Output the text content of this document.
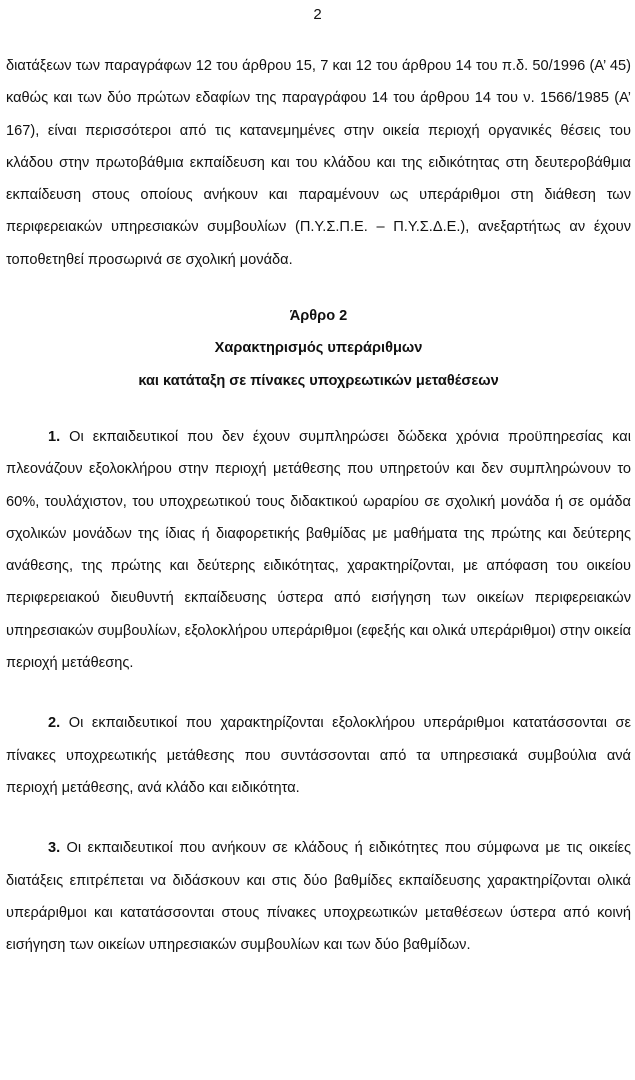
2

διατάξεων των παραγράφων 12 του άρθρου 15, 7 και 12 του άρθρου 14 του π.δ. 50/1996 (Α’ 45) καθώς και των δύο πρώτων εδαφίων της παραγράφου 14 του άρθρου 14 του ν. 1566/1985 (Α’ 167), είναι περισσότεροι από τις κατανεμημένες στην οικεία περιοχή οργανικές θέσεις του κλάδου στην πρωτοβάθμια εκπαίδευση και του κλάδου και της ειδικότητας στη δευτεροβάθμια εκπαίδευση στους οποίους ανήκουν και παραμένουν ως υπεράριθμοι στη διάθεση των περιφερειακών υπηρεσιακών συμβουλίων (Π.Υ.Σ.Π.Ε. – Π.Υ.Σ.Δ.Ε.), ανεξαρτήτως αν έχουν τοποθετηθεί προσωρινά σε σχολική μονάδα.

Άρθρο 2
Χαρακτηρισμός υπεράριθμων
και κατάταξη σε πίνακες υποχρεωτικών μεταθέσεων

1. Οι εκπαιδευτικοί που δεν έχουν συμπληρώσει δώδεκα χρόνια προϋπηρεσίας και πλεονάζουν εξολοκλήρου στην περιοχή μετάθεσης που υπηρετούν και δεν συμπληρώνουν το 60%, τουλάχιστον, του υποχρεωτικού τους διδακτικού ωραρίου σε σχολική μονάδα ή σε ομάδα σχολικών μονάδων της ίδιας ή διαφορετικής βαθμίδας με μαθήματα της πρώτης και δεύτερης ανάθεσης, της πρώτης και δεύτερης ειδικότητας, χαρακτηρίζονται, με απόφαση του οικείου περιφερειακού διευθυντή εκπαίδευσης ύστερα από εισήγηση των οικείων περιφερειακών υπηρεσιακών συμβουλίων, εξολοκλήρου υπεράριθμοι (εφεξής και ολικά υπεράριθμοι) στην οικεία περιοχή μετάθεσης.

2. Οι εκπαιδευτικοί που χαρακτηρίζονται εξολοκλήρου υπεράριθμοι κατατάσσονται σε πίνακες υποχρεωτικής μετάθεσης που συντάσσονται από τα υπηρεσιακά συμβούλια ανά περιοχή μετάθεσης, ανά κλάδο και ειδικότητα.

3. Οι εκπαιδευτικοί που ανήκουν σε κλάδους ή ειδικότητες που σύμφωνα με τις οικείες διατάξεις επιτρέπεται να διδάσκουν και στις δύο βαθμίδες εκπαίδευσης χαρακτηρίζονται ολικά υπεράριθμοι και κατατάσσονται στους πίνακες υποχρεωτικών μεταθέσεων ύστερα από κοινή εισήγηση των οικείων υπηρεσιακών συμβουλίων και των δύο βαθμίδων.
